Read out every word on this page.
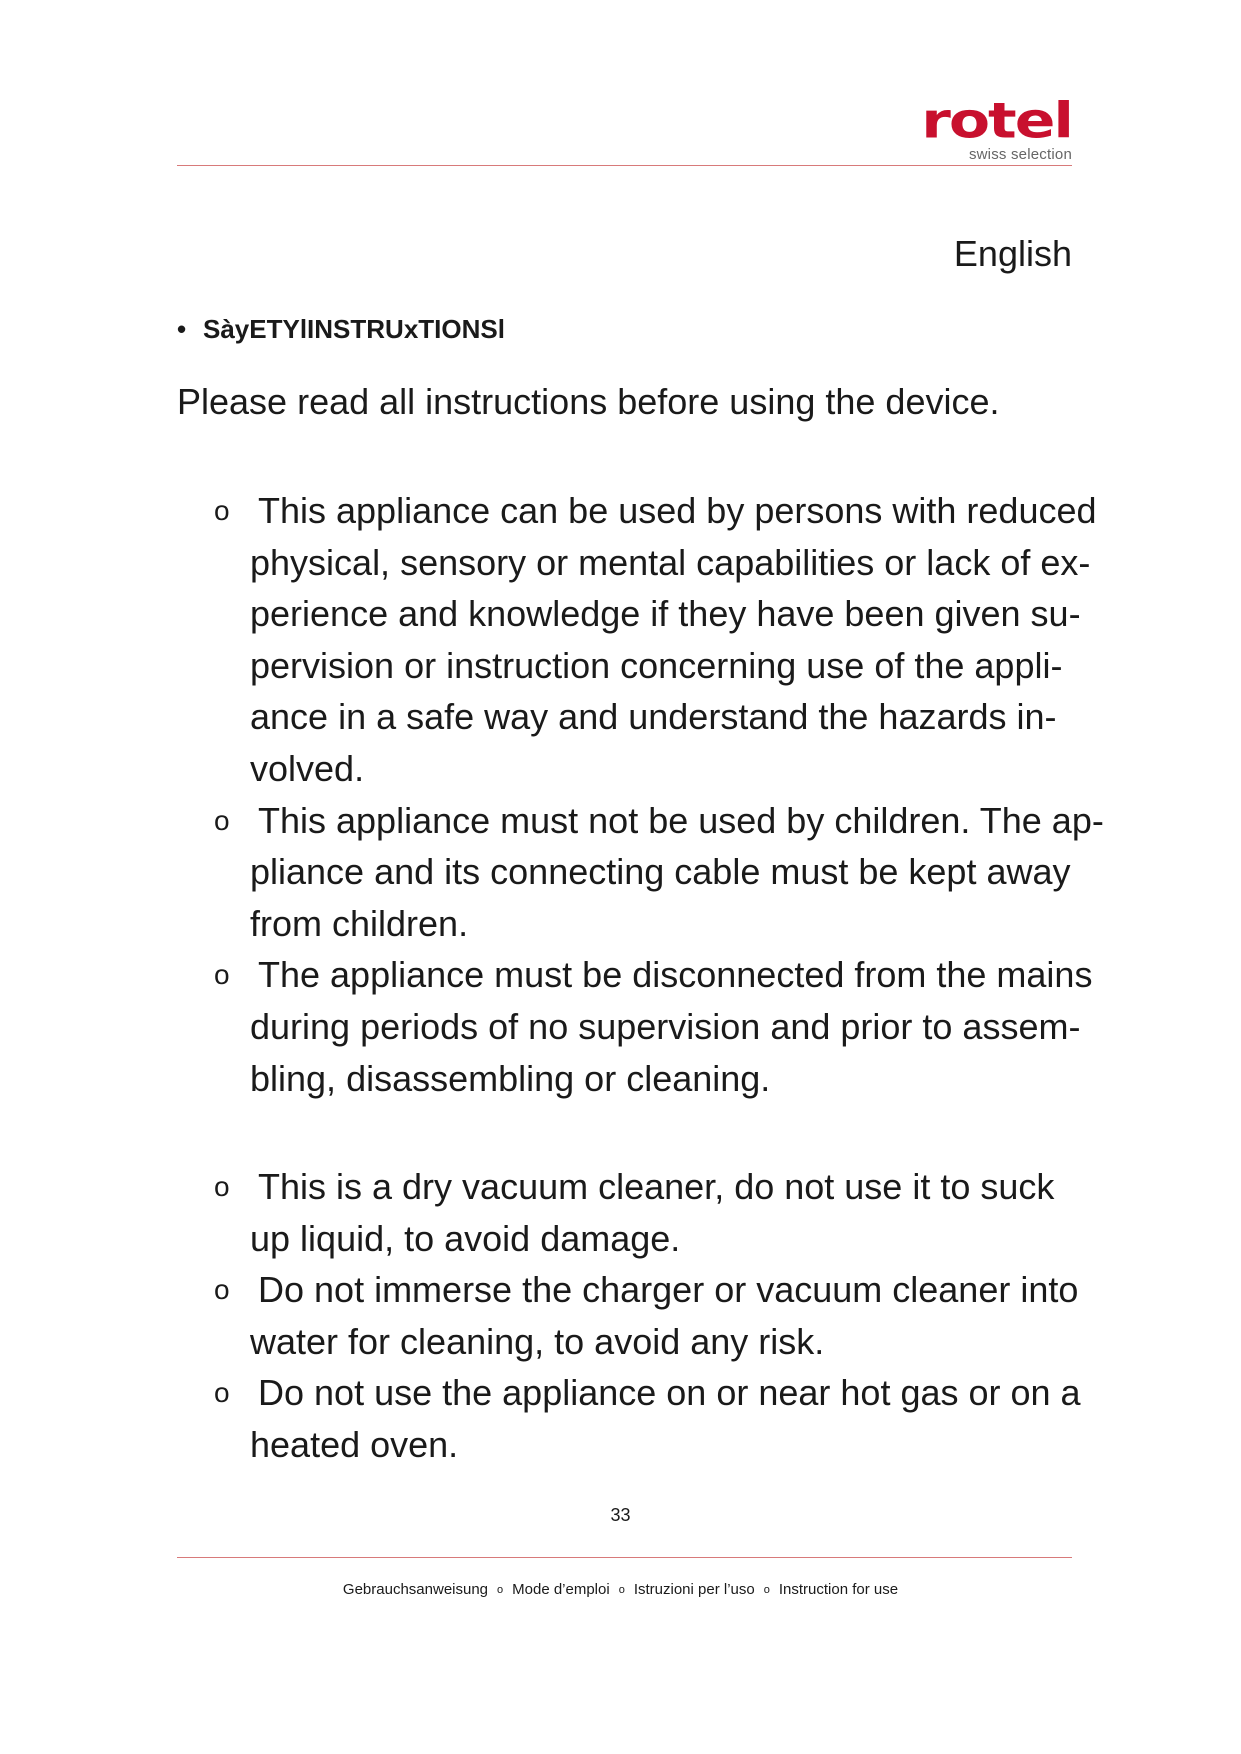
rotel
swiss selection
English
• SàyETYlINSTRUxTIONSl
Please read all instructions before using the device.
o This appliance can be used by persons with reduced
physical, sensory or mental capabilities or lack of ex-
perience and knowledge if they have been given su-
pervision or instruction concerning use of the appli-
ance in a safe way and understand the hazards in-
volved.
o This appliance must not be used by children. The ap-
pliance and its connecting cable must be kept away
from children.
o The appliance must be disconnected from the mains
during periods of no supervision and prior to assem-
bling, disassembling or cleaning.
o This is a dry vacuum cleaner, do not use it to suck
up liquid, to avoid damage.
o Do not immerse the charger or vacuum cleaner into
water for cleaning, to avoid any risk.
o Do not use the appliance on or near hot gas or on a
heated oven.
33
Gebrauchsanweisung o Mode d’emploi o Istruzioni per l’uso o Instruction for use
